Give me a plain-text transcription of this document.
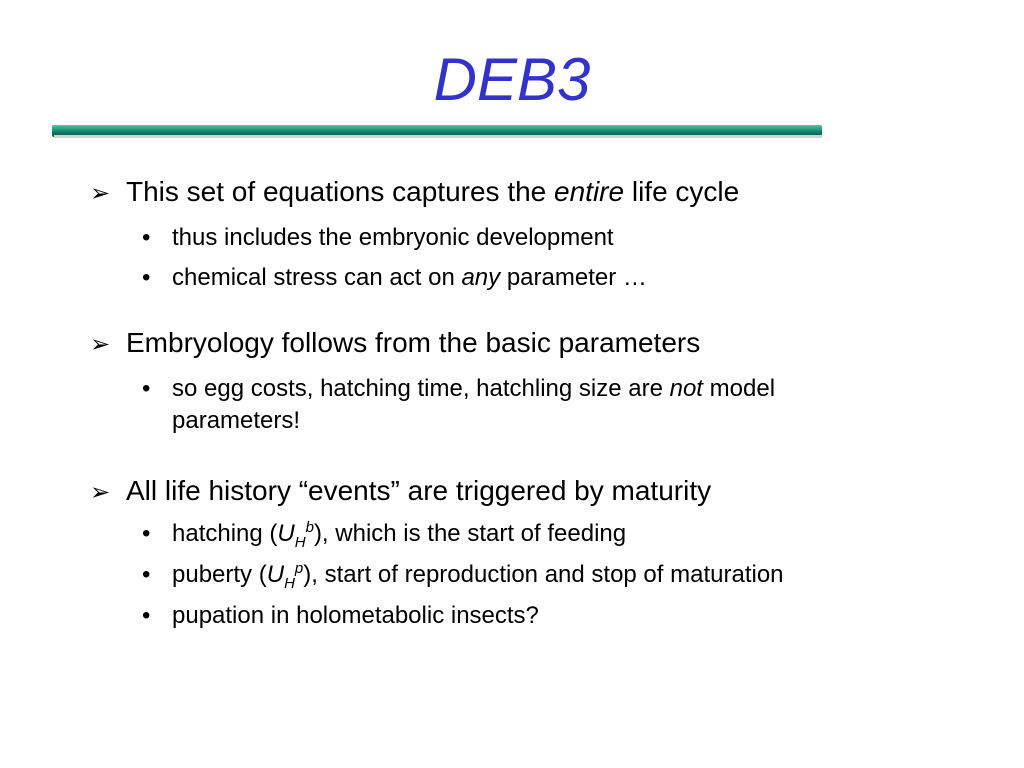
DEB3
➢ This set of equations captures the entire life cycle
• thus includes the embryonic development
• chemical stress can act on any parameter …
➢ Embryology follows from the basic parameters
• so egg costs, hatching time, hatchling size are not model parameters!
➢ All life history “events” are triggered by maturity
• hatching $(U_H^b)$, which is the start of feeding
• puberty $(U_H^p)$, start of reproduction and stop of maturation
• pupation in holometabolic insects?
